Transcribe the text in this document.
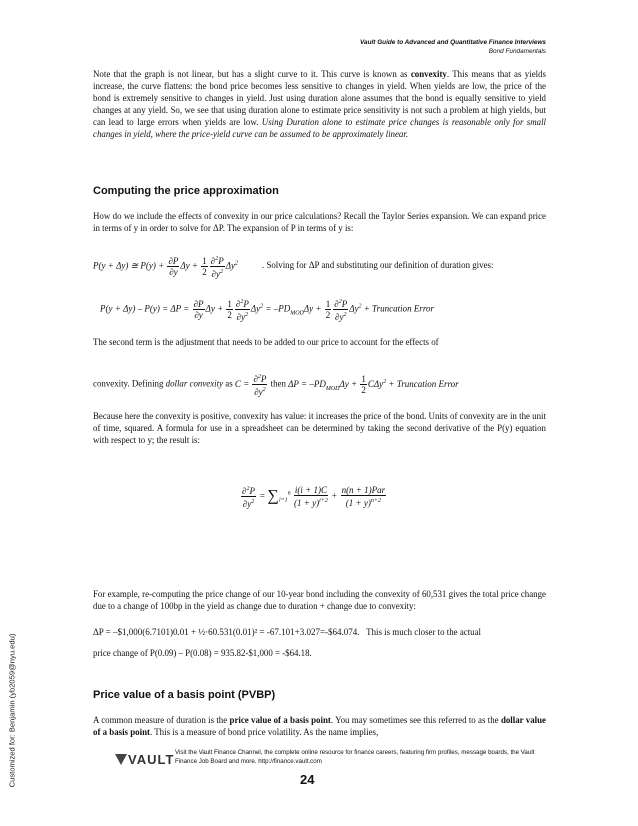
Vault Guide to Advanced and Quantitative Finance Interviews
Bond Fundamentals
Customized for: Benjamin (yb2059@nyu.edu)

Note that the graph is not linear, but has a slight curve to it. This curve is known as convexity. This means that as yields increase, the curve flattens: the bond price becomes less sensitive to changes in yield. When yields are low, the price of the bond is extremely sensitive to changes in yield. Just using duration alone assumes that the bond is equally sensitive to yield changes at any yield. So, we see that using duration alone to estimate price sensitivity is not such a problem at high yields, but can lead to large errors when yields are low. Using Duration alone to estimate price changes is reasonable only for small changes in yield, where the price-yield curve can be assumed to be approximately linear.

Computing the price approximation

How do we include the effects of convexity in our price calculations? Recall the Taylor Series expansion. We can expand price in terms of y in order to solve for ΔP. The expansion of P in terms of y is:

P(y + Δy) ≅ $P(y) + \frac{\partial P}{\partial y}$ $\Delta y + \frac{1}{2} \frac{\partial^2P}{\partial y^2} \Delta y^2$	. Solving for ΔP and substituting our definition of duration gives:
$P(y + \Delta y) - P(y) = \Delta P = \frac{\partial P}{\partial y}$ $\Delta y + \frac{1}{2} \frac{\partial^2P}{\partial y^2} \Delta y^2 = -PD_{MOD}\Delta y + \frac{1}{2} \frac{\partial^2P}{\partial y^2} \Delta y^2$ + Truncation Error

The second term is the adjustment that needs to be added to our price to account for the effects of

convexity. Defining dollar convexity as $C = \frac{\partial^2P}{\partial y^2}$ then $\Delta P = -PD_{MOD}\Delta y + \frac{1}{2} C\Delta y^2$ + Truncation Error

Because here the convexity is positive, convexity has value: it increases the price of the bond. Units of convexity are in the unit of time, squared. A formula for use in a spreadsheet can be determined by taking the second derivative of the P(y) equation with respect to y; the result is:

$\frac{\partial^2P}{\partial y^2} = \sum_{i=1}^n \frac{i(i + 1)C}{(1 + y)^{i+2}} + \frac{\text{n(n + 1)Par}}{(1 + y)^{n+2}}$

For example, re-computing the price change of our 10-year bond including the convexity of 60,531 gives the total price change due to a change of 100bp in the yield as change due to duration + change due to convexity:

ΔP = –$1,000(6.7101)0.01 + ½·60.531(0.01)² = -67.101+3.027=-$64.074. This is much closer to the actual

price change of P(0.09) – P(0.08) = 935.82-$1,000 = -$64.18.

Price value of a basis point (PVBP)

A common measure of duration is the price value of a basis point. You may sometimes see this referred to as the dollar value of a basis point. This is a measure of bond price volatility. As the name implies,

VAULT Visit the Vault Finance Channel, the complete online resource for finance careers, featuring firm profiles, message boards, the Vault Finance Job Board and more. http://finance.vault.com
24
